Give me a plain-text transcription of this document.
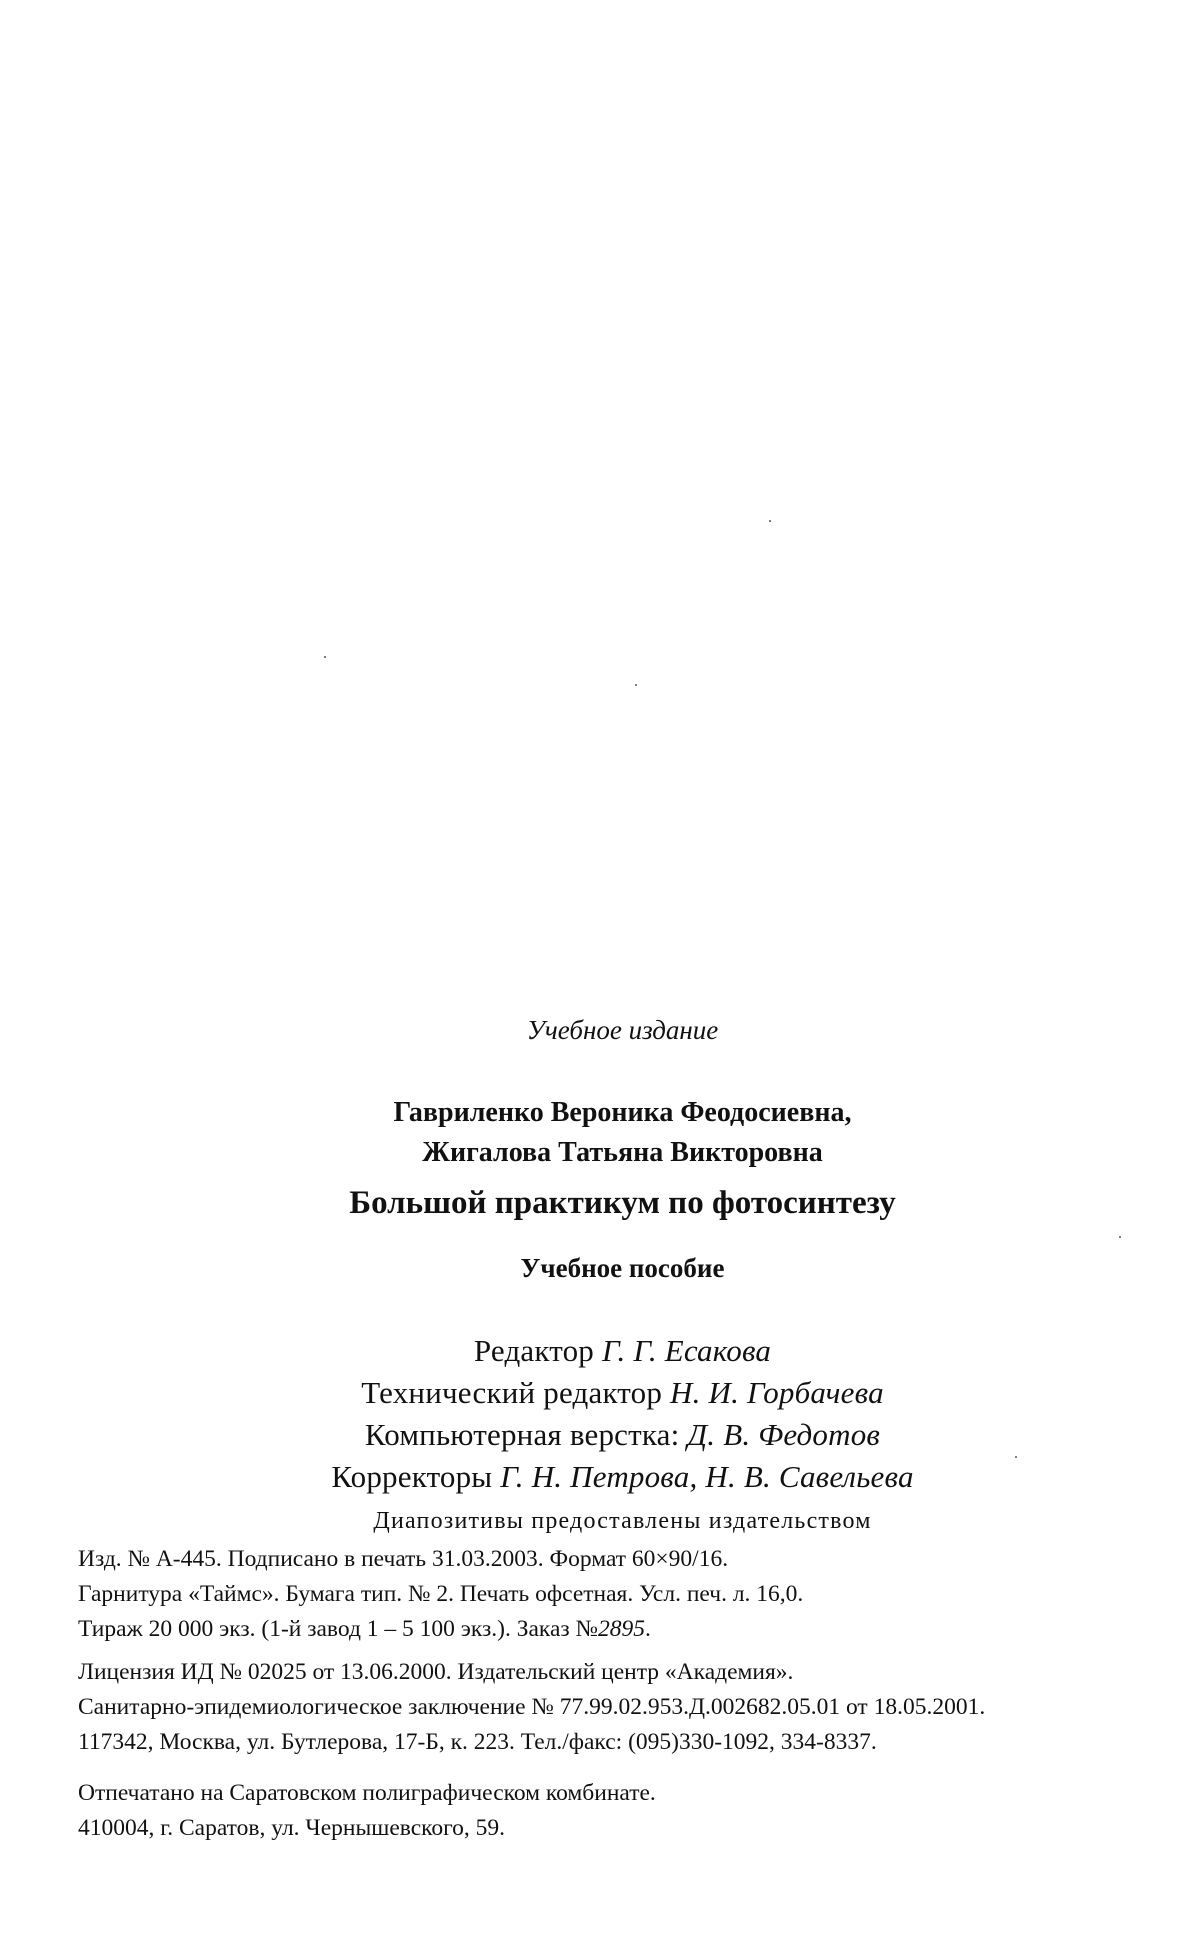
Учебное издание
Гавриленко Вероника Феодосиевна,
Жигалова Татьяна Викторовна
Большой практикум по фотосинтезу
Учебное пособие
Редактор Г. Г. Есакова
Технический редактор Н. И. Горбачева
Компьютерная верстка: Д. В. Федотов
Корректоры Г. Н. Петрова, Н. В. Савельева
Диапозитивы предоставлены издательством
Изд. № А-445. Подписано в печать 31.03.2003. Формат 60×90/16.
Гарнитура «Таймс». Бумага тип. № 2. Печать офсетная. Усл. печ. л. 16,0.
Тираж 20 000 экз. (1-й завод 1 – 5 100 экз.). Заказ №2895.
Лицензия ИД № 02025 от 13.06.2000. Издательский центр «Академия».
Санитарно-эпидемиологическое заключение № 77.99.02.953.Д.002682.05.01 от 18.05.2001.
117342, Москва, ул. Бутлерова, 17-Б, к. 223. Тел./факс: (095)330-1092, 334-8337.
Отпечатано на Саратовском полиграфическом комбинате.
410004, г. Саратов, ул. Чернышевского, 59.
